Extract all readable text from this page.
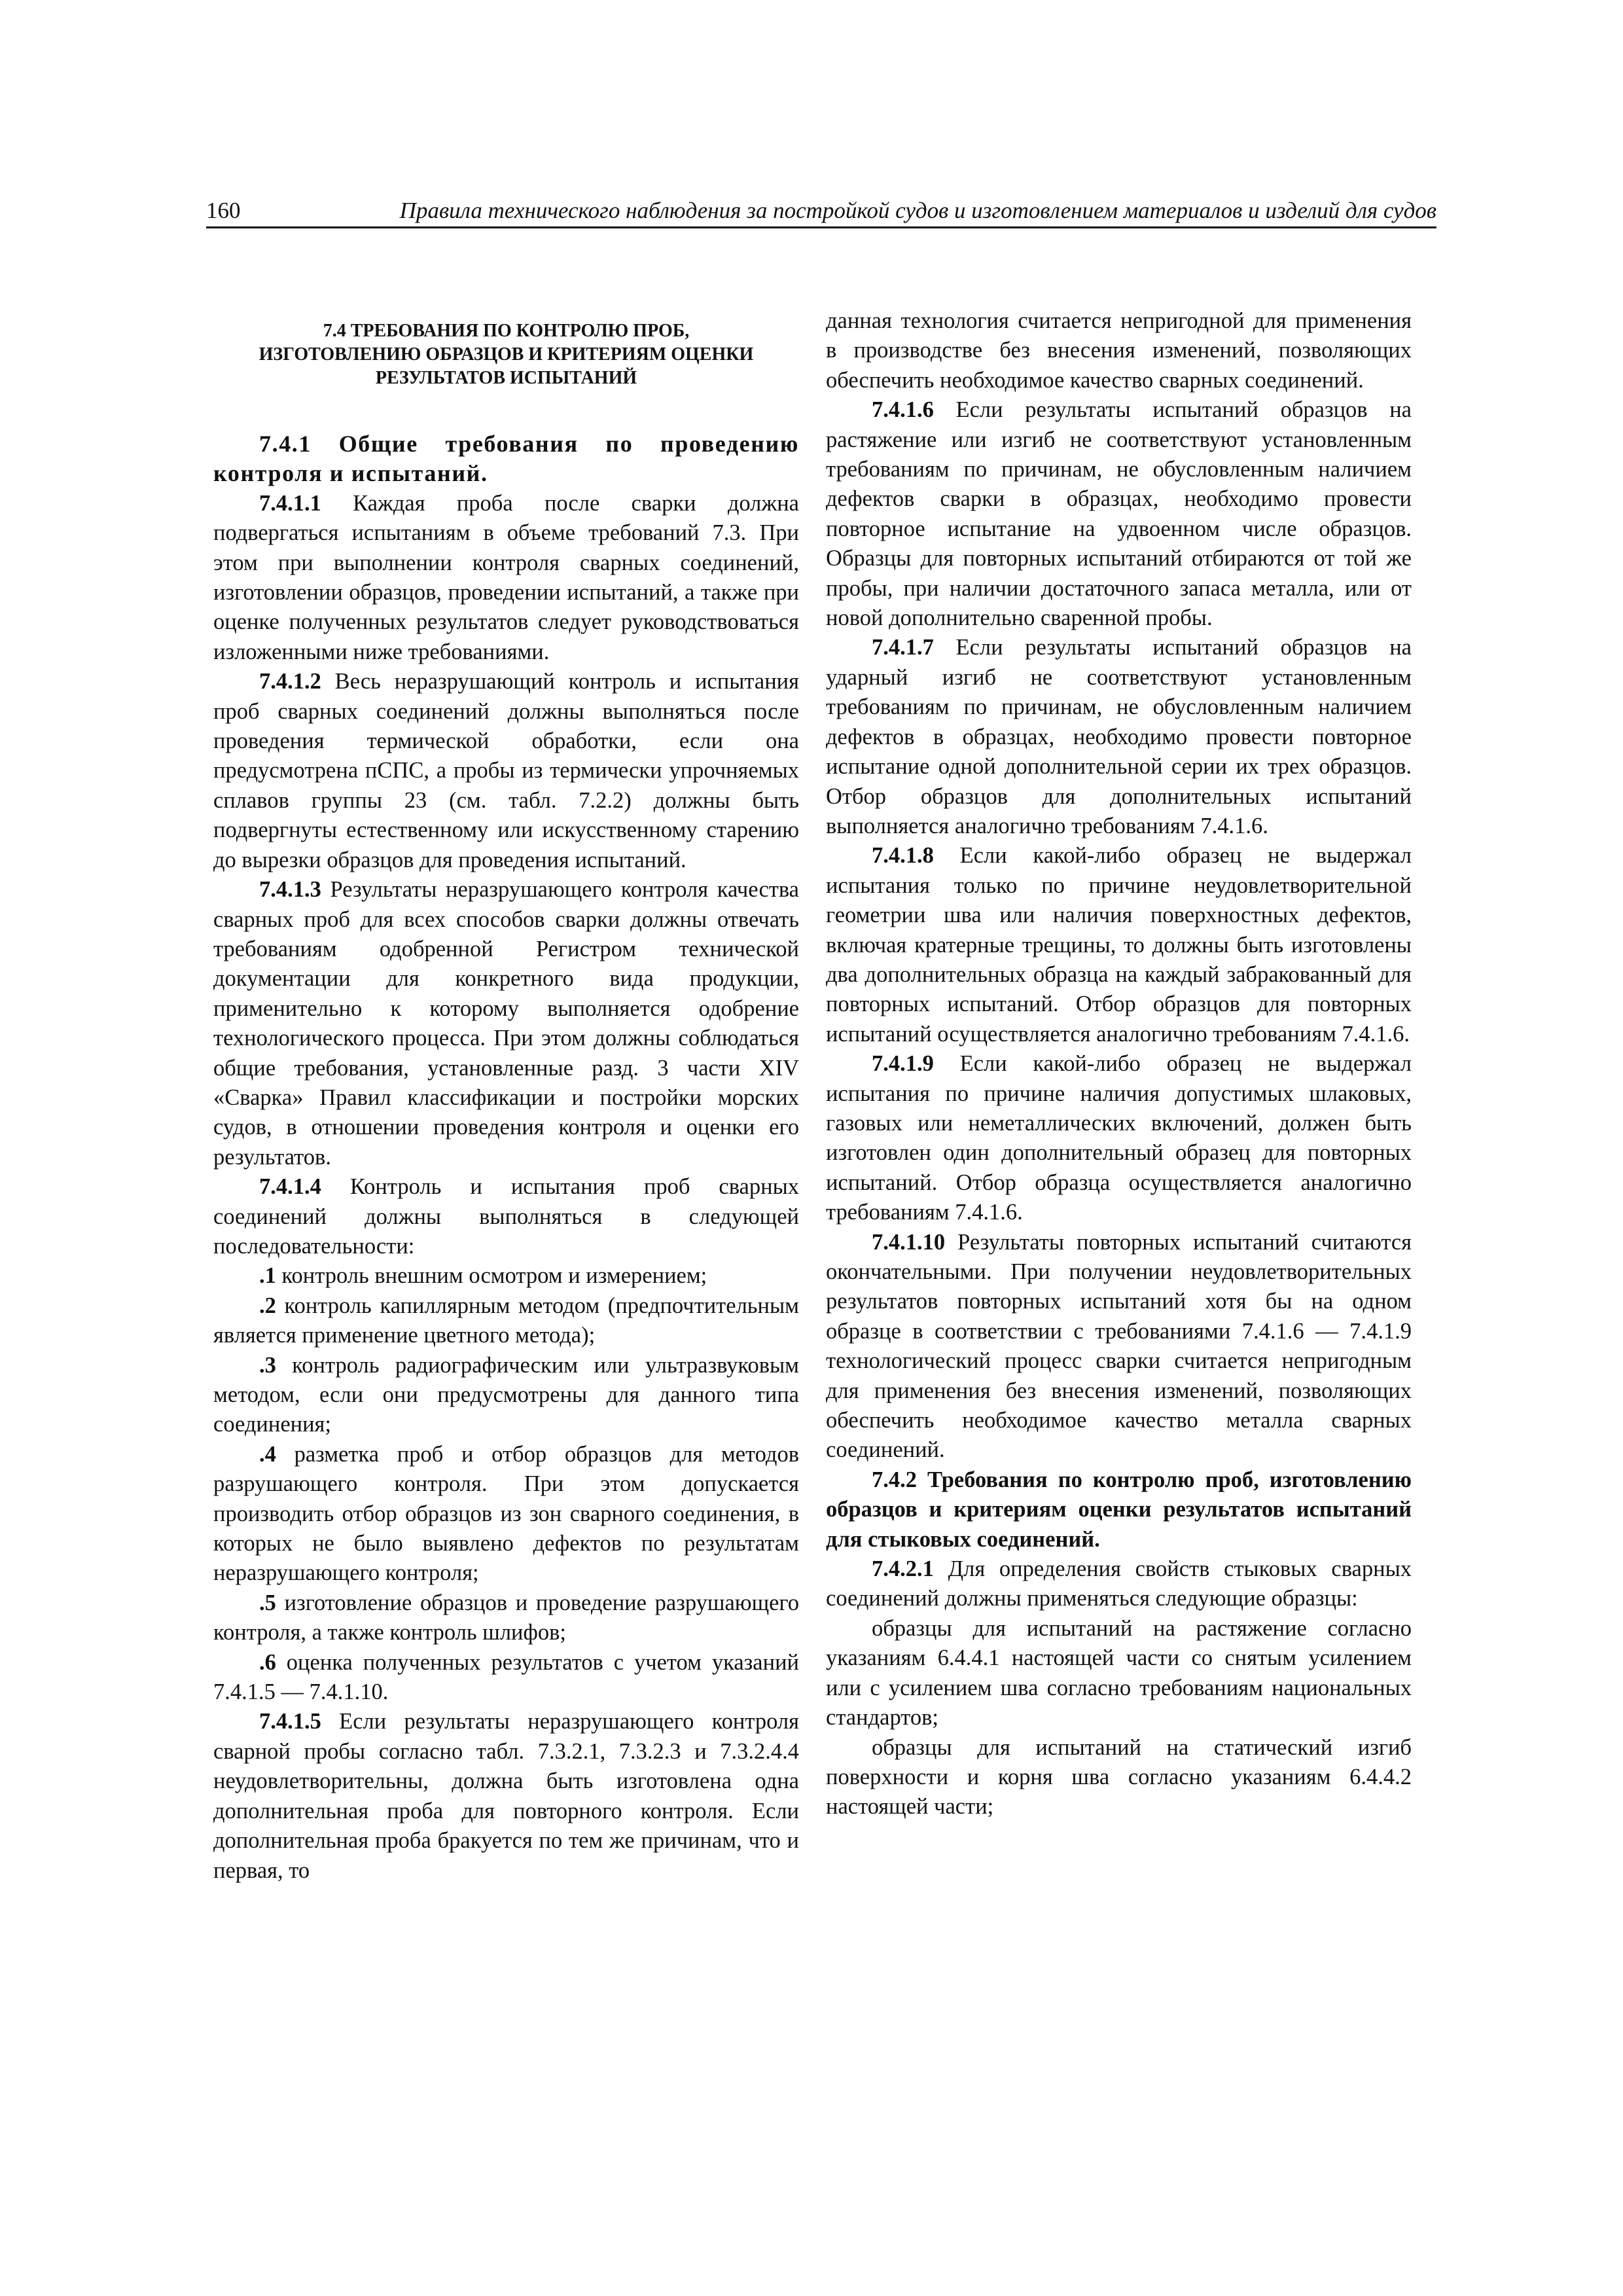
160	Правила технического наблюдения за постройкой судов и изготовлением материалов и изделий для судов
7.4 ТРЕБОВАНИЯ ПО КОНТРОЛЮ ПРОБ,
ИЗГОТОВЛЕНИЮ ОБРАЗЦОВ И КРИТЕРИЯМ ОЦЕНКИ
РЕЗУЛЬТАТОВ ИСПЫТАНИЙ

7.4.1 Общие требования по проведению контроля и испытаний.

7.4.1.1 Каждая проба после сварки должна подвергаться испытаниям в объеме требований 7.3. При этом при выполнении контроля сварных соединений, изготовлении образцов, проведении испытаний, а также при оценке полученных результатов следует руководствоваться изложенными ниже требованиями.

7.4.1.2 Весь неразрушающий контроль и испытания проб сварных соединений должны выполняться после проведения термической обработки, если она предусмотрена пСПС, а пробы из термически упрочняемых сплавов группы 23 (см. табл. 7.2.2) должны быть подвергнуты естественному или искусственному старению до вырезки образцов для проведения испытаний.

7.4.1.3 Результаты неразрушающего контроля качества сварных проб для всех способов сварки должны отвечать требованиям одобренной Регистром технической документации для конкретного вида продукции, применительно к которому выполняется одобрение технологического процесса. При этом должны соблюдаться общие требования, установленные разд. 3 части XIV «Сварка» Правил классификации и постройки морских судов, в отношении проведения контроля и оценки его результатов.

7.4.1.4 Контроль и испытания проб сварных соединений должны выполняться в следующей последовательности:

.1 контроль внешним осмотром и измерением;

.2 контроль капиллярным методом (предпочтительным является применение цветного метода);

.3 контроль радиографическим или ультразвуковым методом, если они предусмотрены для данного типа соединения;

.4 разметка проб и отбор образцов для методов разрушающего контроля. При этом допускается производить отбор образцов из зон сварного соединения, в которых не было выявлено дефектов по результатам неразрушающего контроля;

.5 изготовление образцов и проведение разрушающего контроля, а также контроль шлифов;

.6 оценка полученных результатов с учетом указаний 7.4.1.5 — 7.4.1.10.

7.4.1.5 Если результаты неразрушающего контроля сварной пробы согласно табл. 7.3.2.1, 7.3.2.3 и 7.3.2.4.4 неудовлетворительны, должна быть изготовлена одна дополнительная проба для повторного контроля. Если дополнительная проба бракуется по тем же причинам, что и первая, то

данная технология считается непригодной для применения в производстве без внесения изменений, позволяющих обеспечить необходимое качество сварных соединений.

7.4.1.6 Если результаты испытаний образцов на растяжение или изгиб не соответствуют установленным требованиям по причинам, не обусловленным наличием дефектов сварки в образцах, необходимо провести повторное испытание на удвоенном числе образцов. Образцы для повторных испытаний отбираются от той же пробы, при наличии достаточного запаса металла, или от новой дополнительно сваренной пробы.

7.4.1.7 Если результаты испытаний образцов на ударный изгиб не соответствуют установленным требованиям по причинам, не обусловленным наличием дефектов в образцах, необходимо провести повторное испытание одной дополнительной серии их трех образцов. Отбор образцов для дополнительных испытаний выполняется аналогично требованиям 7.4.1.6.

7.4.1.8 Если какой-либо образец не выдержал испытания только по причине неудовлетворительной геометрии шва или наличия поверхностных дефектов, включая кратерные трещины, то должны быть изготовлены два дополнительных образца на каждый забракованный для повторных испытаний. Отбор образцов для повторных испытаний осуществляется аналогично требованиям 7.4.1.6.

7.4.1.9 Если какой-либо образец не выдержал испытания по причине наличия допустимых шлаковых, газовых или неметаллических включений, должен быть изготовлен один дополнительный образец для повторных испытаний. Отбор образца осуществляется аналогично требованиям 7.4.1.6.

7.4.1.10 Результаты повторных испытаний считаются окончательными. При получении неудовлетворительных результатов повторных испытаний хотя бы на одном образце в соответствии с требованиями 7.4.1.6 — 7.4.1.9 технологический процесс сварки считается непригодным для применения без внесения изменений, позволяющих обеспечить необходимое качество металла сварных соединений.

7.4.2 Требования по контролю проб, изготовлению образцов и критериям оценки результатов испытаний для стыковых соединений.

7.4.2.1 Для определения свойств стыковых сварных соединений должны применяться следующие образцы:

образцы для испытаний на растяжение согласно указаниям 6.4.4.1 настоящей части со снятым усилением или с усилением шва согласно требованиям национальных стандартов;

образцы для испытаний на статический изгиб поверхности и корня шва согласно указаниям 6.4.4.2 настоящей части;
